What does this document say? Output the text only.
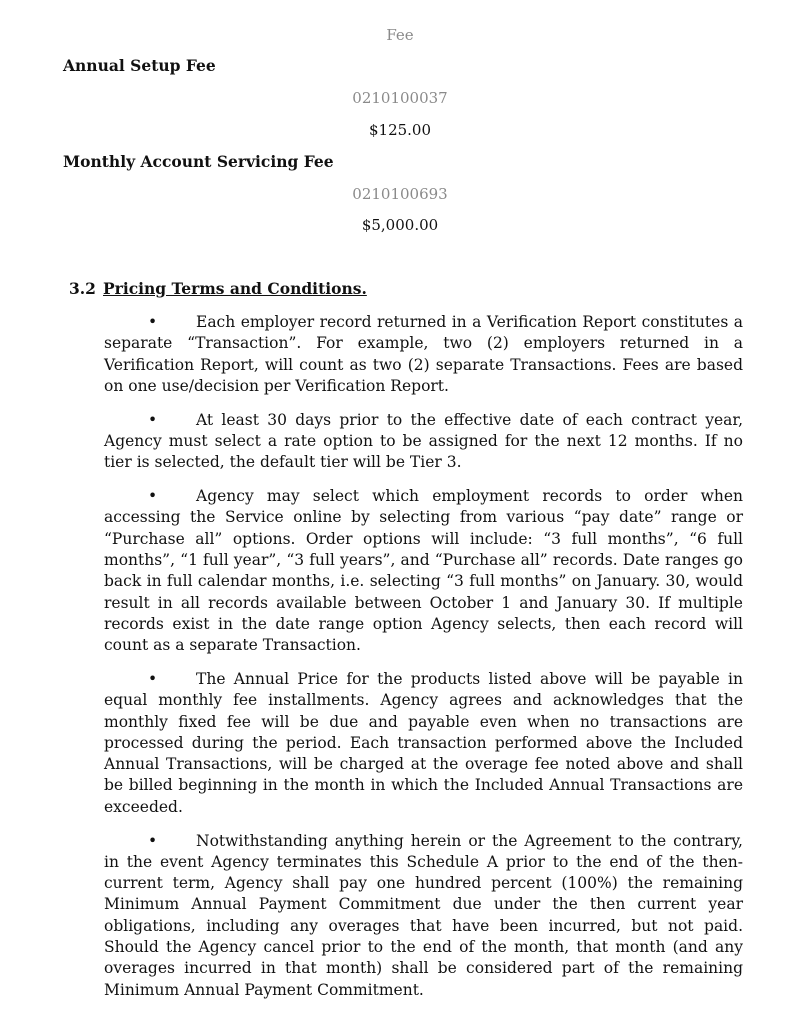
Fee
Annual Setup Fee
0210100037
$125.00
Monthly Account Servicing Fee
0210100693
$5,000.00
3.2 Pricing Terms and Conditions.

•	Each employer record returned in a Verification Report constitutes a separate “Transaction”. For example, two (2) employers returned in a Verification Report, will count as two (2) separate Transactions. Fees are based on one use/decision per Verification Report.

•	At least 30 days prior to the effective date of each contract year, Agency must select a rate option to be assigned for the next 12 months. If no tier is selected, the default tier will be Tier 3.

•	Agency may select which employment records to order when accessing the Service online by selecting from various “pay date” range or “Purchase all” options. Order options will include: “3 full months”, “6 full months”, “1 full year”, “3 full years”, and “Purchase all” records. Date ranges go back in full calendar months, i.e. selecting “3 full months” on January. 30, would result in all records available between October 1 and January 30. If multiple records exist in the date range option Agency selects, then each record will count as a separate Transaction.

•	The Annual Price for the products listed above will be payable in equal monthly fee installments. Agency agrees and acknowledges that the monthly fixed fee will be due and payable even when no transactions are processed during the period. Each transaction performed above the Included Annual Transactions, will be charged at the overage fee noted above and shall be billed beginning in the month in which the Included Annual Transactions are exceeded.

•	Notwithstanding anything herein or the Agreement to the contrary, in the event Agency terminates this Schedule A prior to the end of the then-current term, Agency shall pay one hundred percent (100%) the remaining Minimum Annual Payment Commitment due under the then current year obligations, including any overages that have been incurred, but not paid. Should the Agency cancel prior to the end of the month, that month (and any overages incurred in that month) shall be considered part of the remaining Minimum Annual Payment Commitment.
